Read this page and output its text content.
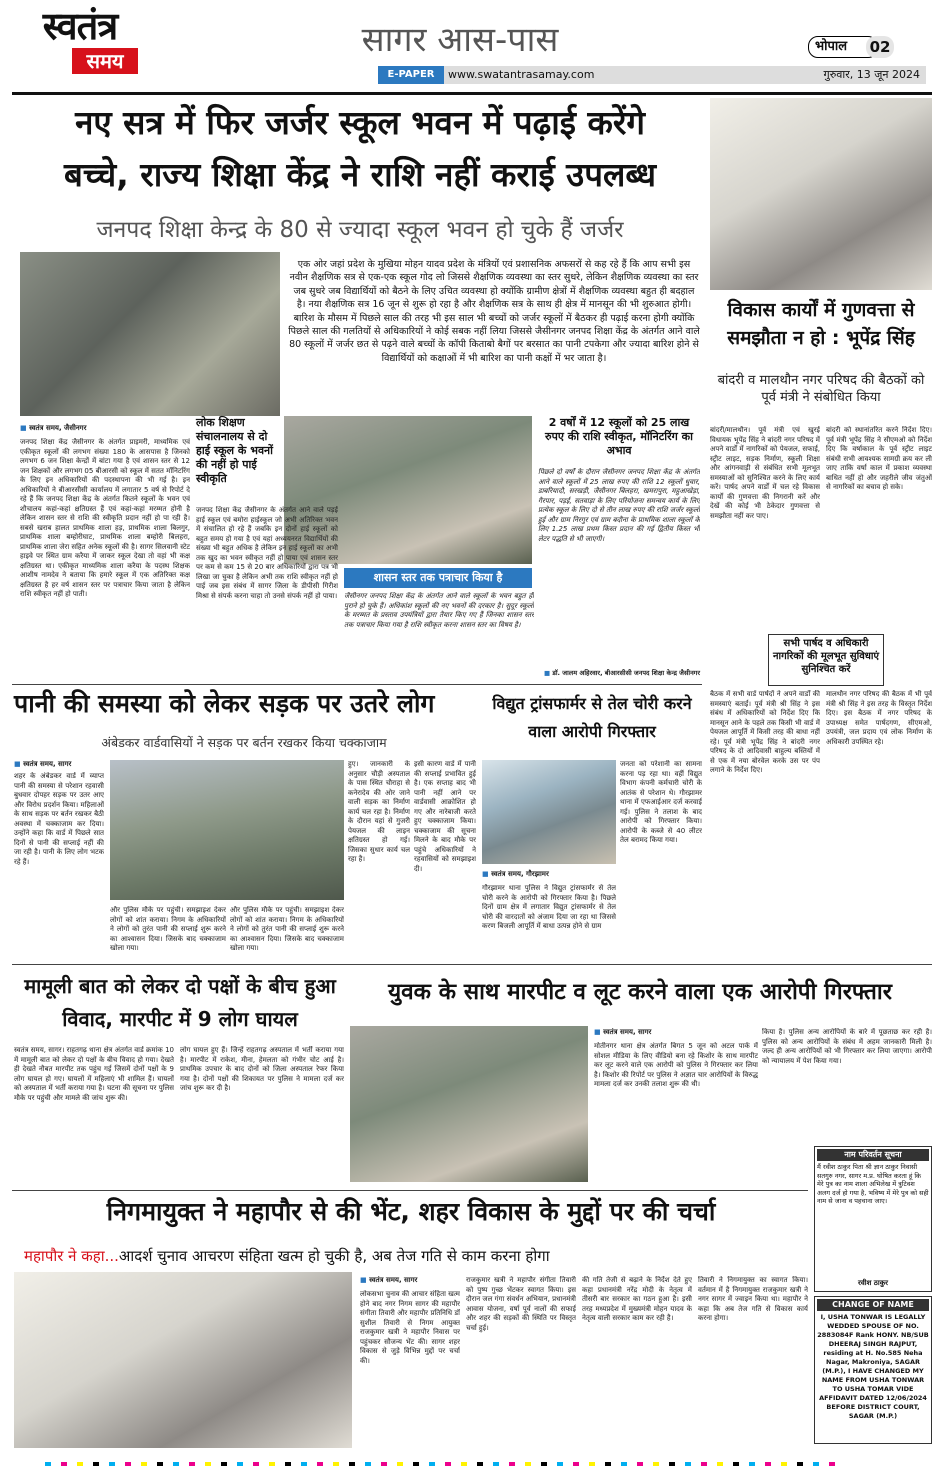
स्वतंत्र
समय
सागर आस-पास	भोपाल	02
E-PAPER	www.swatantrasamay.com	गुरुवार, 13 जून 2024
नए सत्र में फिर जर्जर स्कूल भवन में पढ़ाई करेंगे
बच्चे, राज्य शिक्षा केंद्र ने राशि नहीं कराई उपलब्ध
जनपद शिक्षा केन्द्र के 80 से ज्यादा स्कूल भवन हो चुके हैं जर्जर
एक ओर जहां प्रदेश के मुखिया मोहन यादव प्रदेश के मंत्रियों एवं प्रशासनिक अफसरों से कह रहे हैं कि आप सभी इस नवीन शैक्षणिक सत्र से एक-एक स्कूल गोद लो जिससे शैक्षणिक व्यवस्था का स्तर सुधरे, लेकिन शैक्षणिक व्यवस्था का स्तर जब सुधरे जब विद्यार्थियों को बैठने के लिए उचित व्यवस्था हो क्योंकि ग्रामीण क्षेत्रों में शैक्षणिक व्यवस्था बहुत ही बदहाल है। नया शैक्षणिक सत्र 16 जून से शुरू हो रहा है और शैक्षणिक सत्र के साथ ही क्षेत्र में मानसून की भी शुरुआत होगी। बारिश के मौसम में पिछले साल की तरह भी इस साल भी बच्चों को जर्जर स्कूलों में बैठकर ही पढ़ाई करना होगी क्योंकि पिछले साल की गलतियों से अधिकारियों ने कोई सबक नहीं लिया जिससे जैसीनगर जनपद शिक्षा केंद्र के अंतर्गत आने वाले 80 स्कूलों में जर्जर छत से पढ़ने वाले बच्चों के कॉपी किताबो बैगों पर बरसात का पानी टपकेगा और ज्यादा बारिश होने से विद्यार्थियों को कक्षाओं में भी बारिश का पानी कक्षों में भर जाता है।
■ स्वतंत्र समय, जैसीनगर
जनपद शिक्षा केंद्र जैसीनगर के अंतर्गत प्राइमरी, माध्यमिक एवं एकीकृत स्कूलों की लगभग संख्या 180 के आसपास है जिनको लगभग 6 जन शिक्षा केन्द्रों में बांटा गया है एवं शासन स्तर से 12 जन शिक्षकों और लगभग 05 बीआरसी को स्कूल में सतत मॉनिटरिंग के लिए इन अधिकारियों की पदस्थापना की भी गई है। इन अधिकारियों ने बीआरसीसी कार्यालय में लगातार 5 वर्ष से रिपोर्ट दे रहे हैं कि जनपद शिक्षा केंद्र के अंतर्गत कितने स्कूलों के भवन एवं शौचालय कहां-कहां क्षतिग्रस्त हैं एवं कहां-कहां मरम्मत होनी है लेकिन शासन स्तर से राशि की स्वीकृति प्रदान नहीं हो पा रही है। सबसे खराब हालत प्राथमिक शाला हड़, प्राथमिक शाला बिलगुर, प्राथमिक शाला बम्होरीघाट, प्राथमिक शाला बम्होरी बिलहरा, प्राथमिक शाला जेरा सहित अनेक स्कूलों की है। सागर सिलवानी स्टेट हाइवे पर स्थित ग्राम करैया में जाकर स्कूल देखा तो वहां भी कक्ष क्षतिग्रस्त था। एकीकृत माध्यमिक शाला करैया के पदस्थ शिक्षक आशीष नामदेव ने बताया कि हमारे स्कूल में एक अतिरिक्त कक्ष क्षतिग्रस्त है हर वर्ष शासन स्तर पर पत्राचार किया जाता है लेकिन राशि स्वीकृत नहीं हो पाती।
लोक शिक्षण संचालनालय से दो हाई स्कूल के भवनों की नहीं हो पाई स्वीकृति
जनपद शिक्षा केंद्र जैसीनगर के अंतर्गत आने वाले पड़ई हाई स्कूल एवं बमोरा हाईस्कूल जो अभी अतिरिक्त भवन में संचालित हो रहे हैं जबकि इन दोनों हाई स्कूलों को बहुत समय हो गया है एवं यहां अध्ययनरत विद्यार्थियों की संख्या भी बहुत अधिक है लेकिन इन हाई स्कूलों का अभी तक खुद का भवन स्वीकृत नहीं हो पाया एवं शासन स्तर पर कम से कम 15 से 20 बार अधिकारियों द्वारा पत्र भी लिखा जा चुका है लेकिन अभी तक राशि स्वीकृत नहीं हो पाई जब इस संबंध में सागर जिला के डीपीसी गिरीश मिश्रा से संपर्क करना चाहा तो उनसे संपर्क नहीं हो पाया।
2 वर्षों में 12 स्कूलों को 25 लाख रुपए की राशि स्वीकृत, मॉनिटरिंग का अभाव
पिछले दो वर्षों के दौरान जैसीनगर जनपद शिक्षा केंद्र के अंतर्गत आने वाले स्कूलों में 25 लाख रुपए की राशि 12 स्कूलों धुवार, डाबरियादौ, सरखड़ी, जैसीनगर बिलहरा, खमरापुरा, महुआखेड़ा, गैरपार, पड़ई, सतवाड़ा के लिए परियोजना समन्वय कार्य के लिए प्रत्येक स्कूल के लिए दो से तीन लाख रुपए की राशि जर्जर स्कूलों हुई और ग्राम निरगुर एवं ग्राम बदौना के प्राथमिक शाला स्कूलों के लिए 1.25 लाख प्रथम किस्त प्रदान की गई द्वितीय किस्त भी लेटर पद्धति से भी जाएगी।
शासन स्तर तक पत्राचार किया है
जैसीनगर जनपद शिक्षा केंद्र के अंतर्गत आने वाले स्कूलों के भवन बहुत ही पुराने हो चुके हैं। अधिकांश स्कूलों की नए भवनों की दरकार है। सुदूर स्कूलों के मरम्मत के प्रस्ताव उपयंत्रियों द्वारा तैयार किए गए हैं जिनका शासन स्तर तक पत्राचार किया गया है राशि स्वीकृत करना शासन स्तर का विषय है।
■ डॉ. जालम अहिरवार, बीआरसीसी जनपद शिक्षा केन्द्र जैसीनगर
विकास कार्यों में गुणवत्ता से समझौता न हो : भूपेंद्र सिंह
बांदरी व मालथौन नगर परिषद की बैठकों को पूर्व मंत्री ने संबोधित किया
बांदरी/मालथौन। पूर्व मंत्री एवं खुरई विधायक भूपेंद्र सिंह ने बांदरी नगर परिषद में अपने वार्डों में नागरिकों को पेयजल, सफाई, स्ट्रीट लाइट, सड़क निर्माण, स्कूली शिक्षा और आंगनवाड़ी से संबंधित सभी मूलभूत समस्याओं को सुनिश्चित करने के लिए कार्य करें। पार्षद अपने वार्डों में चल रहे विकास कार्यों की गुणवत्ता की निगरानी करें और देखें की कोई भी ठेकेदार गुणवत्ता से समझौता नहीं कर पाए।
बांदरी को स्थानांतरित करने निर्देश दिए। पूर्व मंत्री भूपेंद्र सिंह ने सीएमओ को निर्देश दिए कि वर्षाकाल के पूर्व स्ट्रीट लाइट संबंधी सभी आवश्यक सामग्री क्रय कर ली जाए ताकि वर्षा काल में प्रकाश व्यवस्था बाधित नहीं हो और जहरीले जीव जंतुओं से नागरिकों का बचाव हो सके।
सभी पार्षद व अधिकारी नागरिकों की मूलभूत सुविधाएं सुनिश्चित करें
बैठक में सभी वार्ड पार्षदों ने अपने वार्डों की समस्याएं बताईं। पूर्व मंत्री श्री सिंह ने इस संबंध में अधिकारियों को निर्देश दिए कि मानसून आने के पहले तक किसी भी वार्ड में पेयजल आपूर्ति में किसी तरह की बाधा नहीं रहे। पूर्व मंत्री भूपेंद्र सिंह ने बांदरी नगर परिषद के दो आदिवासी बाहुल्य बस्तियों में से एक में नया बोरवेल करके उस पर पंप लगाने के निर्देश दिए।
मालथौन नगर परिषद की बैठक में भी पूर्व मंत्री श्री सिंह ने इस तरह के विस्तृत निर्देश दिए। इस बैठक में नगर परिषद के उपाध्यक्ष समेत पार्षदगण, सीएमओ, उपयंत्री, जल प्रदाय एवं लोक निर्माण के अधिकारी उपस्थित रहे।
पानी की समस्या को लेकर सड़क पर उतरे लोग
अंबेडकर वार्डवासियों ने सड़क पर बर्तन रखकर किया चक्काजाम
■ स्वतंत्र समय, सागर
शहर के अंबेडकर वार्ड में व्याप्त पानी की समस्या से परेशान रहवासी बुधवार दोपहर सड़क पर उतर आए और विरोध प्रदर्शन किया। महिलाओं के साथ सड़क पर बर्तन रखकर बैठी अवस्था में चक्काजाम कर दिया। उन्होंने कहा कि वार्ड में पिछले सात दिनों से पानी की सप्लाई नहीं की जा रही है। पानी के लिए लोग भटक रहे हैं।
और पुलिस मौके पर पहुंची। समझाइश देकर लोगों को शांत कराया। निगम के अधिकारियों ने लोगों को तुरंत पानी की सप्लाई शुरू करने का आश्वासन दिया। जिसके बाद चक्काजाम खोला गया।
और पुलिस मौके पर पहुंची। समझाइश देकर लोगों को शांत कराया। निगम के अधिकारियों ने लोगों को तुरंत पानी की सप्लाई शुरू करने का आश्वासन दिया। जिसके बाद चक्काजाम खोला गया।
हुए। जानकारी के अनुसार चौड़ी अस्पताल के पास स्थित चौराहा से कनेरादेव की ओर जाने वाली सड़क का निर्माण कार्य चल रहा है। निर्माण के दौरान यहां से गुजरी पेयजल की लाइन क्षतिग्रस्त हो गई। जिसका सुधार कार्य चल रहा है।
इसी कारण वार्ड में पानी की सप्लाई प्रभावित हुई है। एक सप्ताह बाद भी पानी नहीं आने पर वार्डवासी आक्रोशित हो गए और नारेबाजी करते हुए चक्काजाम किया। चक्काजाम की सूचना मिलने के बाद मौके पर पहुंचे अधिकारियों ने रहवासियों को समझाइश दी।
विद्युत ट्रांसफार्मर से तेल चोरी करने वाला आरोपी गिरफ्तार
■ स्वतंत्र समय, गौरझामर
गौरझामर थाना पुलिस ने विद्युत ट्रांसफार्मर से तेल चोरी करने के आरोपी को गिरफ्तार किया है। पिछले दिनों ग्राम क्षेत्र में लगातार विद्युत ट्रांसफार्मर से तेल चोरी की वारदातों को अंजाम दिया जा रहा था जिससे करण बिजली आपूर्ति में बाधा उत्पन्न होने से ग्राम
जनता को परेशानी का सामना करना पड़ रहा था। वहीं विद्युत विभाग कंपनी कर्मचारी चोरी के आतंक से परेशान थे। गौरझामर थाना में एफआईआर दर्ज करवाई गई। पुलिस ने तलाश के बाद आरोपी को गिरफ्तार किया। आरोपी के कब्जे से 40 लीटर तेल बरामद किया गया।
मामूली बात को लेकर दो पक्षों के बीच हुआ विवाद, मारपीट में 9 लोग घायल
स्वतंत्र समय, सागर। राहतगढ़ थाना क्षेत्र अंतर्गत वार्ड क्रमांक 10 में मामूली बात को लेकर दो पक्षों के बीच विवाद हो गया। देखते ही देखते नौबत मारपीट तक पहुंच गई जिसमें दोनों पक्षों के 9 लोग घायल हो गए। घायलों में महिलाएं भी शामिल हैं। घायलों को अस्पताल में भर्ती कराया गया है। घटना की सूचना पर पुलिस मौके पर पहुंची और मामले की जांच शुरू की।
लोग घायल हुए हैं। जिन्हें राहतगढ़ अस्पताल में भर्ती कराया गया है। मारपीट में राकेश, मीना, हेमलता को गंभीर चोट आई है। प्राथमिक उपचार के बाद दोनों को जिला अस्पताल रेफर किया गया है। दोनों पक्षों की शिकायत पर पुलिस ने मामला दर्ज कर जांच शुरू कर दी है।
युवक के साथ मारपीट व लूट करने वाला एक आरोपी गिरफ्तार
■ स्वतंत्र समय, सागर
मोतीनगर थाना क्षेत्र अंतर्गत बिगत 5 जून को अटल पार्क में सोशल मीडिया के लिए वीडियो बना रहे किशोर के साथ मारपीट कर लूट करने वाले एक आरोपी को पुलिस ने गिरफ्तार कर लिया है। किशोर की रिपोर्ट पर पुलिस ने अज्ञात चार आरोपियों के विरुद्ध मामला दर्ज कर उनकी तलाश शुरू की थी।
किया है। पुलिस अन्य आरोपियों के बारे में पूछताछ कर रही है। पुलिस को अन्य आरोपियों के संबंध में अहम जानकारी मिली है। जल्द ही अन्य आरोपियों को भी गिरफ्तार कर लिया जाएगा। आरोपी को न्यायालय में पेश किया गया।
नाम परिवर्तन सूचना
मैं रवीश ठाकुर पिता श्री ज्ञान ठाकुर निवासी सतगुरु नगर, सागर म.प्र. घोषित करता हूं कि मेरे पुत्र का नाम शाला अभिलेख में त्रुटिवश अलग दर्ज हो गया है, भविष्य में मेरे पुत्र को सही नाम से जाना व पहचाना जाए।
रवीश ठाकुर
CHANGE OF NAME
I, USHA TONWAR IS LEGALLY WEDDED SPOUSE OF NO. 2883084F Rank HONY. NB/SUB DHEERAJ SINGH RAJPUT, residing at H. No.585 Neha Nagar, Makroniya, SAGAR (M.P.), I HAVE CHANGED MY NAME FROM USHA TONWAR TO USHA TOMAR VIDE AFFIDAVIT DATED 12/06/2024 BEFORE DISTRICT COURT, SAGAR (M.P.)
निगमायुक्त ने महापौर से की भेंट, शहर विकास के मुद्दों पर की चर्चा
महापौर ने कहा...आदर्श चुनाव आचरण संहिता खत्म हो चुकी है, अब तेज गति से काम करना होगा
■ स्वतंत्र समय, सागर
लोकसभा चुनाव की आचार संहिता खत्म होने बाद नगर निगम सागर की महापौर संगीता तिवारी और महापौर प्रतिनिधि डॉ सुशील तिवारी से निगम आयुक्त राजकुमार खत्री ने महापौर निवास पर पहुंचकर सौजन्य भेंट की। सागर शहर विकास से जुड़े विभिन्न मुद्दों पर चर्चा की।
राजकुमार खत्री ने महापौर संगीता तिवारी को पुष्प गुच्छ भेंटकर स्वागत किया। इस दौरान जल गंगा संवर्धन अभियान, प्रधानमंत्री आवास योजना, वर्षा पूर्व नालों की सफाई और शहर की सड़कों की स्थिति पर विस्तृत चर्चा हुई।
की गति तेजी से बढ़ाने के निर्देश देते हुए कहा प्रधानमंत्री नरेंद्र मोदी के नेतृत्व में तीसरी बार सरकार का गठन हुआ है। इसी तरह मध्यप्रदेश में मुख्यमंत्री मोहन यादव के नेतृत्व वाली सरकार काम कर रही है।
तिवारी ने निगमायुक्त का स्वागत किया। वर्तमान में है निगमायुक्त राजकुमार खत्री ने नगर सागर में ज्वाइन किया था। महापौर ने कहा कि अब तेज गति से विकास कार्य करना होगा।
